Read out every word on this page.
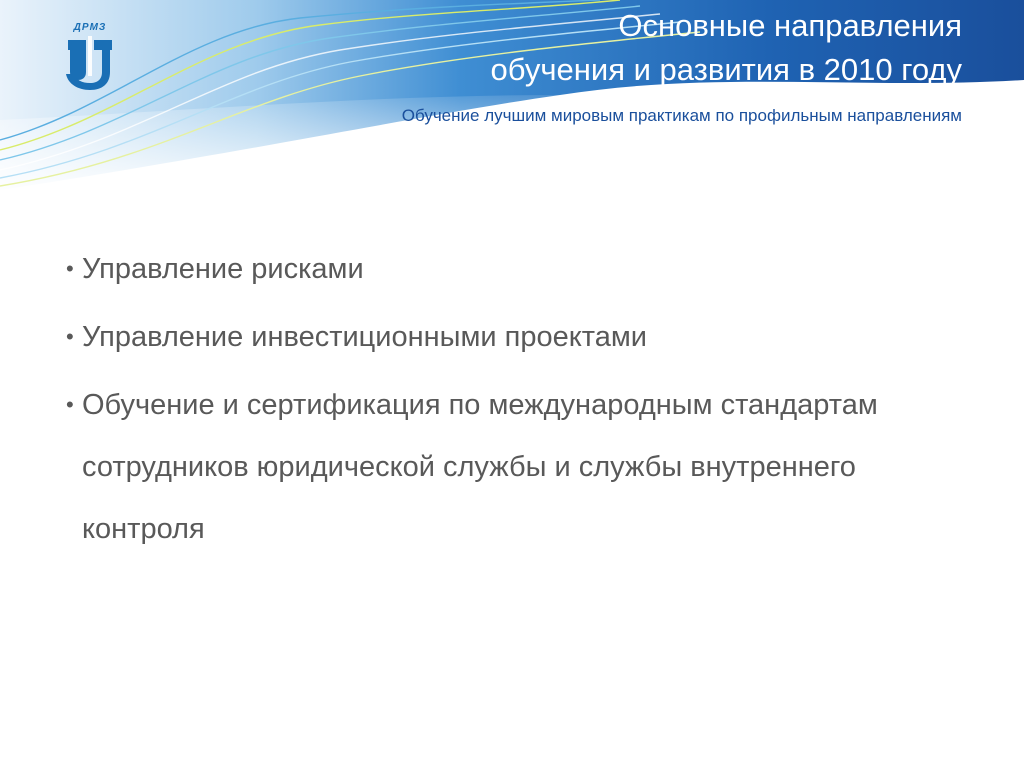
ДРМЗ	Основные направления
обучения и развития в 2010 году
Обучение лучшим мировым практикам по профильным направлениям
• Управление рисками
• Управление инвестиционными проектами
• Обучение и сертификация по международным стандартам сотрудников юридической службы и службы внутреннего контроля
